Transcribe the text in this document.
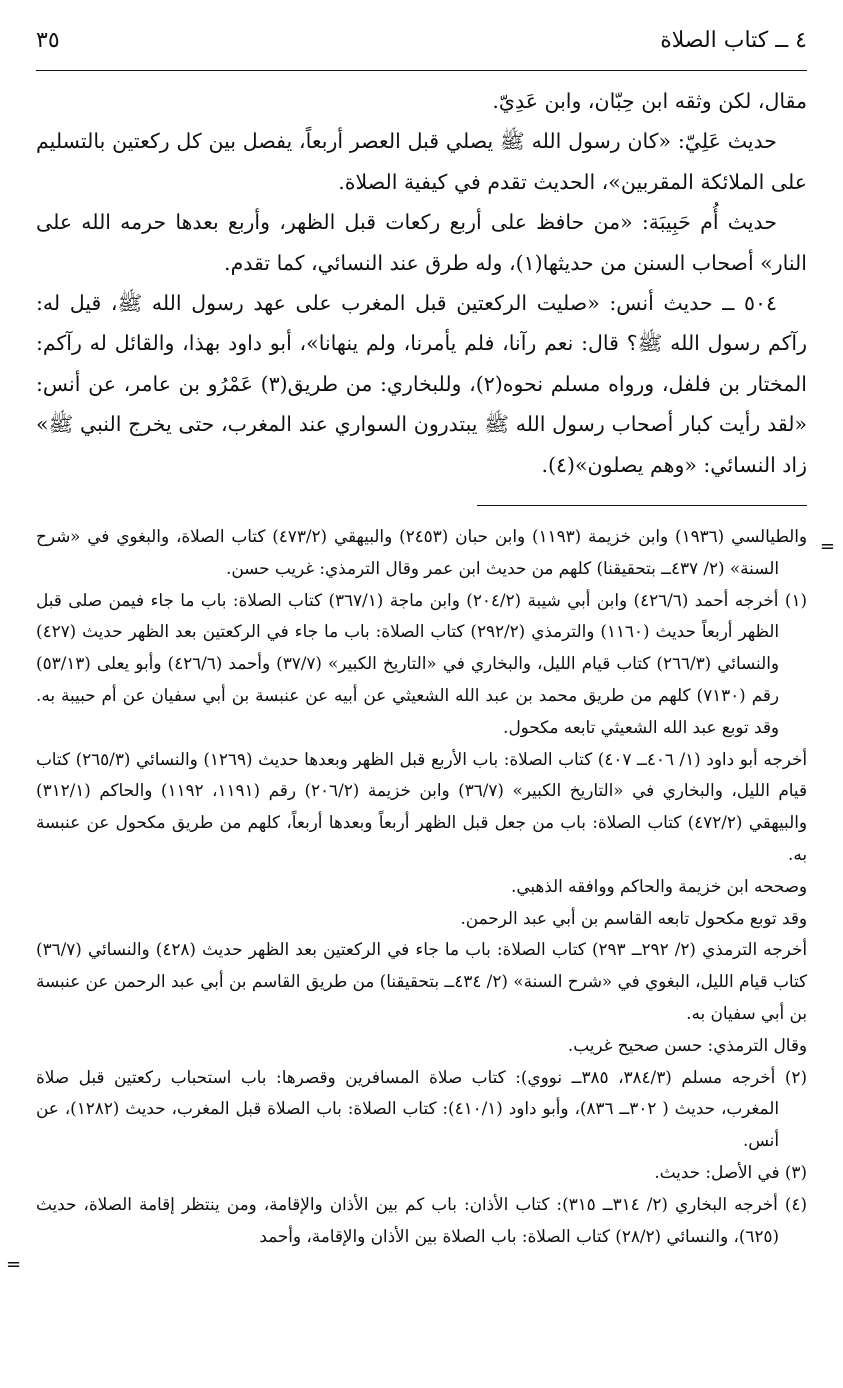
٤ ــ كتاب الصلاة
٣٥

مقال، لكن وثقه ابن حِبّان، وابن عَدِيّ.

حديث عَلِيّ: «كان رسول الله ﷺ يصلي قبل العصر أربعاً، يفصل بين كل ركعتين بالتسليم على الملائكة المقربين»، الحديث تقدم في كيفية الصلاة.

حديث أُم حَبِيبَة: «من حافظ على أربع ركعات قبل الظهر، وأربع بعدها حرمه الله على النار» أصحاب السنن من حديثها(١)، وله طرق عند النسائي، كما تقدم.

٥٠٤ ــ حديث أنس: «صليت الركعتين قبل المغرب على عهد رسول الله ﷺ، قيل له: رآكم رسول الله ﷺ؟ قال: نعم رآنا، فلم يأمرنا، ولم ينهانا»، أبو داود بهذا، والقائل له رآكم: المختار بن فلفل، ورواه مسلم نحوه(٢)، وللبخاري: من طريق(٣) عَمْرُو بن عامر، عن أنس: «لقد رأيت كبار أصحاب رسول الله ﷺ يبتدرون السواري عند المغرب، حتى يخرج النبي ﷺ» زاد النسائي: «وهم يصلون»(٤).

والطيالسي (١٩٣٦) وابن خزيمة (١١٩٣) وابن حبان (٢٤٥٣) والبيهقي (٤٧٣/٢) كتاب الصلاة، والبغوي في «شرح السنة» (٢/ ٤٣٧ــ بتحقيقنا) كلهم من حديث ابن عمر وقال الترمذي: غريب حسن.

(١) أخرجه أحمد (٤٢٦/٦) وابن أبي شيبة (٢٠٤/٢) وابن ماجة (٣٦٧/١) كتاب الصلاة: باب ما جاء فيمن صلى قبل الظهر أربعاً حديث (١١٦٠) والترمذي (٢٩٢/٢) كتاب الصلاة: باب ما جاء في الركعتين بعد الظهر حديث (٤٢٧) والنسائي (٢٦٦/٣) كتاب قيام الليل، والبخاري في «التاريخ الكبير» (٣٧/٧) وأحمد (٤٢٦/٦) وأبو يعلى (٥٣/١٣) رقم (٧١٣٠) كلهم من طريق محمد بن عبد الله الشعيثي عن أبيه عن عنبسة بن أبي سفيان عن أم حبيبة به. وقد توبع عبد الله الشعيثي تابعه مكحول.

أخرجه أبو داود (١/ ٤٠٦ــ ٤٠٧) كتاب الصلاة: باب الأربع قبل الظهر وبعدها حديث (١٢٦٩) والنسائي (٢٦٥/٣) كتاب قيام الليل، والبخاري في «التاريخ الكبير» (٣٦/٧) وابن خزيمة (٢٠٦/٢) رقم (١١٩١، ١١٩٢) والحاكم (٣١٢/١) والبيهقي (٤٧٢/٢) كتاب الصلاة: باب من جعل قبل الظهر أربعاً وبعدها أربعاً، كلهم من طريق مكحول عن عنبسة به.

وصححه ابن خزيمة والحاكم ووافقه الذهبي.

وقد توبع مكحول تابعه القاسم بن أبي عبد الرحمن.

أخرجه الترمذي (٢/ ٢٩٢ــ ٢٩٣) كتاب الصلاة: باب ما جاء في الركعتين بعد الظهر حديث (٤٢٨) والنسائي (٣٦/٧) كتاب قيام الليل، البغوي في «شرح السنة» (٢/ ٤٣٤ــ بتحقيقنا) من طريق القاسم بن أبي عبد الرحمن عن عنبسة بن أبي سفيان به.

وقال الترمذي: حسن صحيح غريب.

(٢) أخرجه مسلم (٣٨٤/٣، ٣٨٥ــ نووي): كتاب صلاة المسافرين وقصرها: باب استحباب ركعتين قبل صلاة المغرب، حديث ( ٣٠٢ــ ٨٣٦)، وأبو داود (٤١٠/١): كتاب الصلاة: باب الصلاة قبل المغرب، حديث (١٢٨٢)، عن أنس.

(٣) في الأصل: حديث.

(٤) أخرجه البخاري (٢/ ٣١٤ــ ٣١٥): كتاب الأذان: باب كم بين الأذان والإقامة، ومن ينتظر إقامة الصلاة، حديث (٦٢٥)، والنسائي (٢٨/٢) كتاب الصلاة: باب الصلاة بين الأذان والإقامة، وأحمد

=
=
